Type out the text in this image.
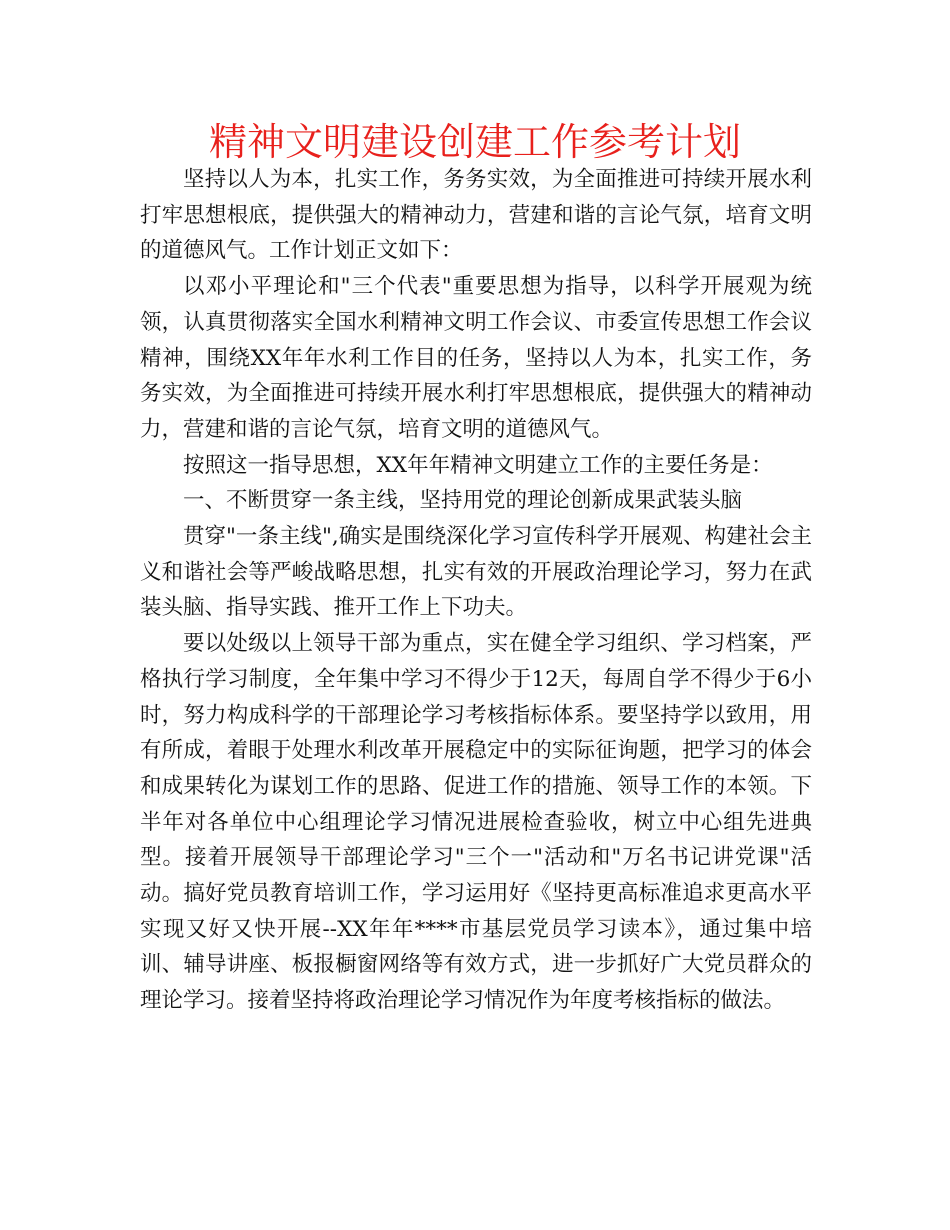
精神文明建设创建工作参考计划

坚持以人为本，扎实工作，务务实效，为全面推进可持续开展水利打牢思想根底，提供强大的精神动力，营建和谐的言论气氛，培育文明的道德风气。工作计划正文如下：

以邓小平理论和"三个代表"重要思想为指导，以科学开展观为统领，认真贯彻落实全国水利精神文明工作会议、市委宣传思想工作会议精神，围绕XX年年水利工作目的任务，坚持以人为本，扎实工作，务务实效，为全面推进可持续开展水利打牢思想根底，提供强大的精神动力，营建和谐的言论气氛，培育文明的道德风气。

按照这一指导思想，XX年年精神文明建立工作的主要任务是：

一、不断贯穿一条主线，坚持用党的理论创新成果武装头脑

贯穿"一条主线",确实是围绕深化学习宣传科学开展观、构建社会主义和谐社会等严峻战略思想，扎实有效的开展政治理论学习，努力在武装头脑、指导实践、推开工作上下功夫。

要以处级以上领导干部为重点，实在健全学习组织、学习档案，严格执行学习制度，全年集中学习不得少于12天，每周自学不得少于6小时，努力构成科学的干部理论学习考核指标体系。要坚持学以致用，用有所成，着眼于处理水利改革开展稳定中的实际征询题，把学习的体会和成果转化为谋划工作的思路、促进工作的措施、领导工作的本领。下半年对各单位中心组理论学习情况进展检查验收，树立中心组先进典型。接着开展领导干部理论学习"三个一"活动和"万名书记讲党课"活动。搞好党员教育培训工作，学习运用好《坚持更高标准追求更高水平实现又好又快开展--XX年年****市基层党员学习读本》，通过集中培训、辅导讲座、板报橱窗网络等有效方式，进一步抓好广大党员群众的理论学习。接着坚持将政治理论学习情况作为年度考核指标的做法。
